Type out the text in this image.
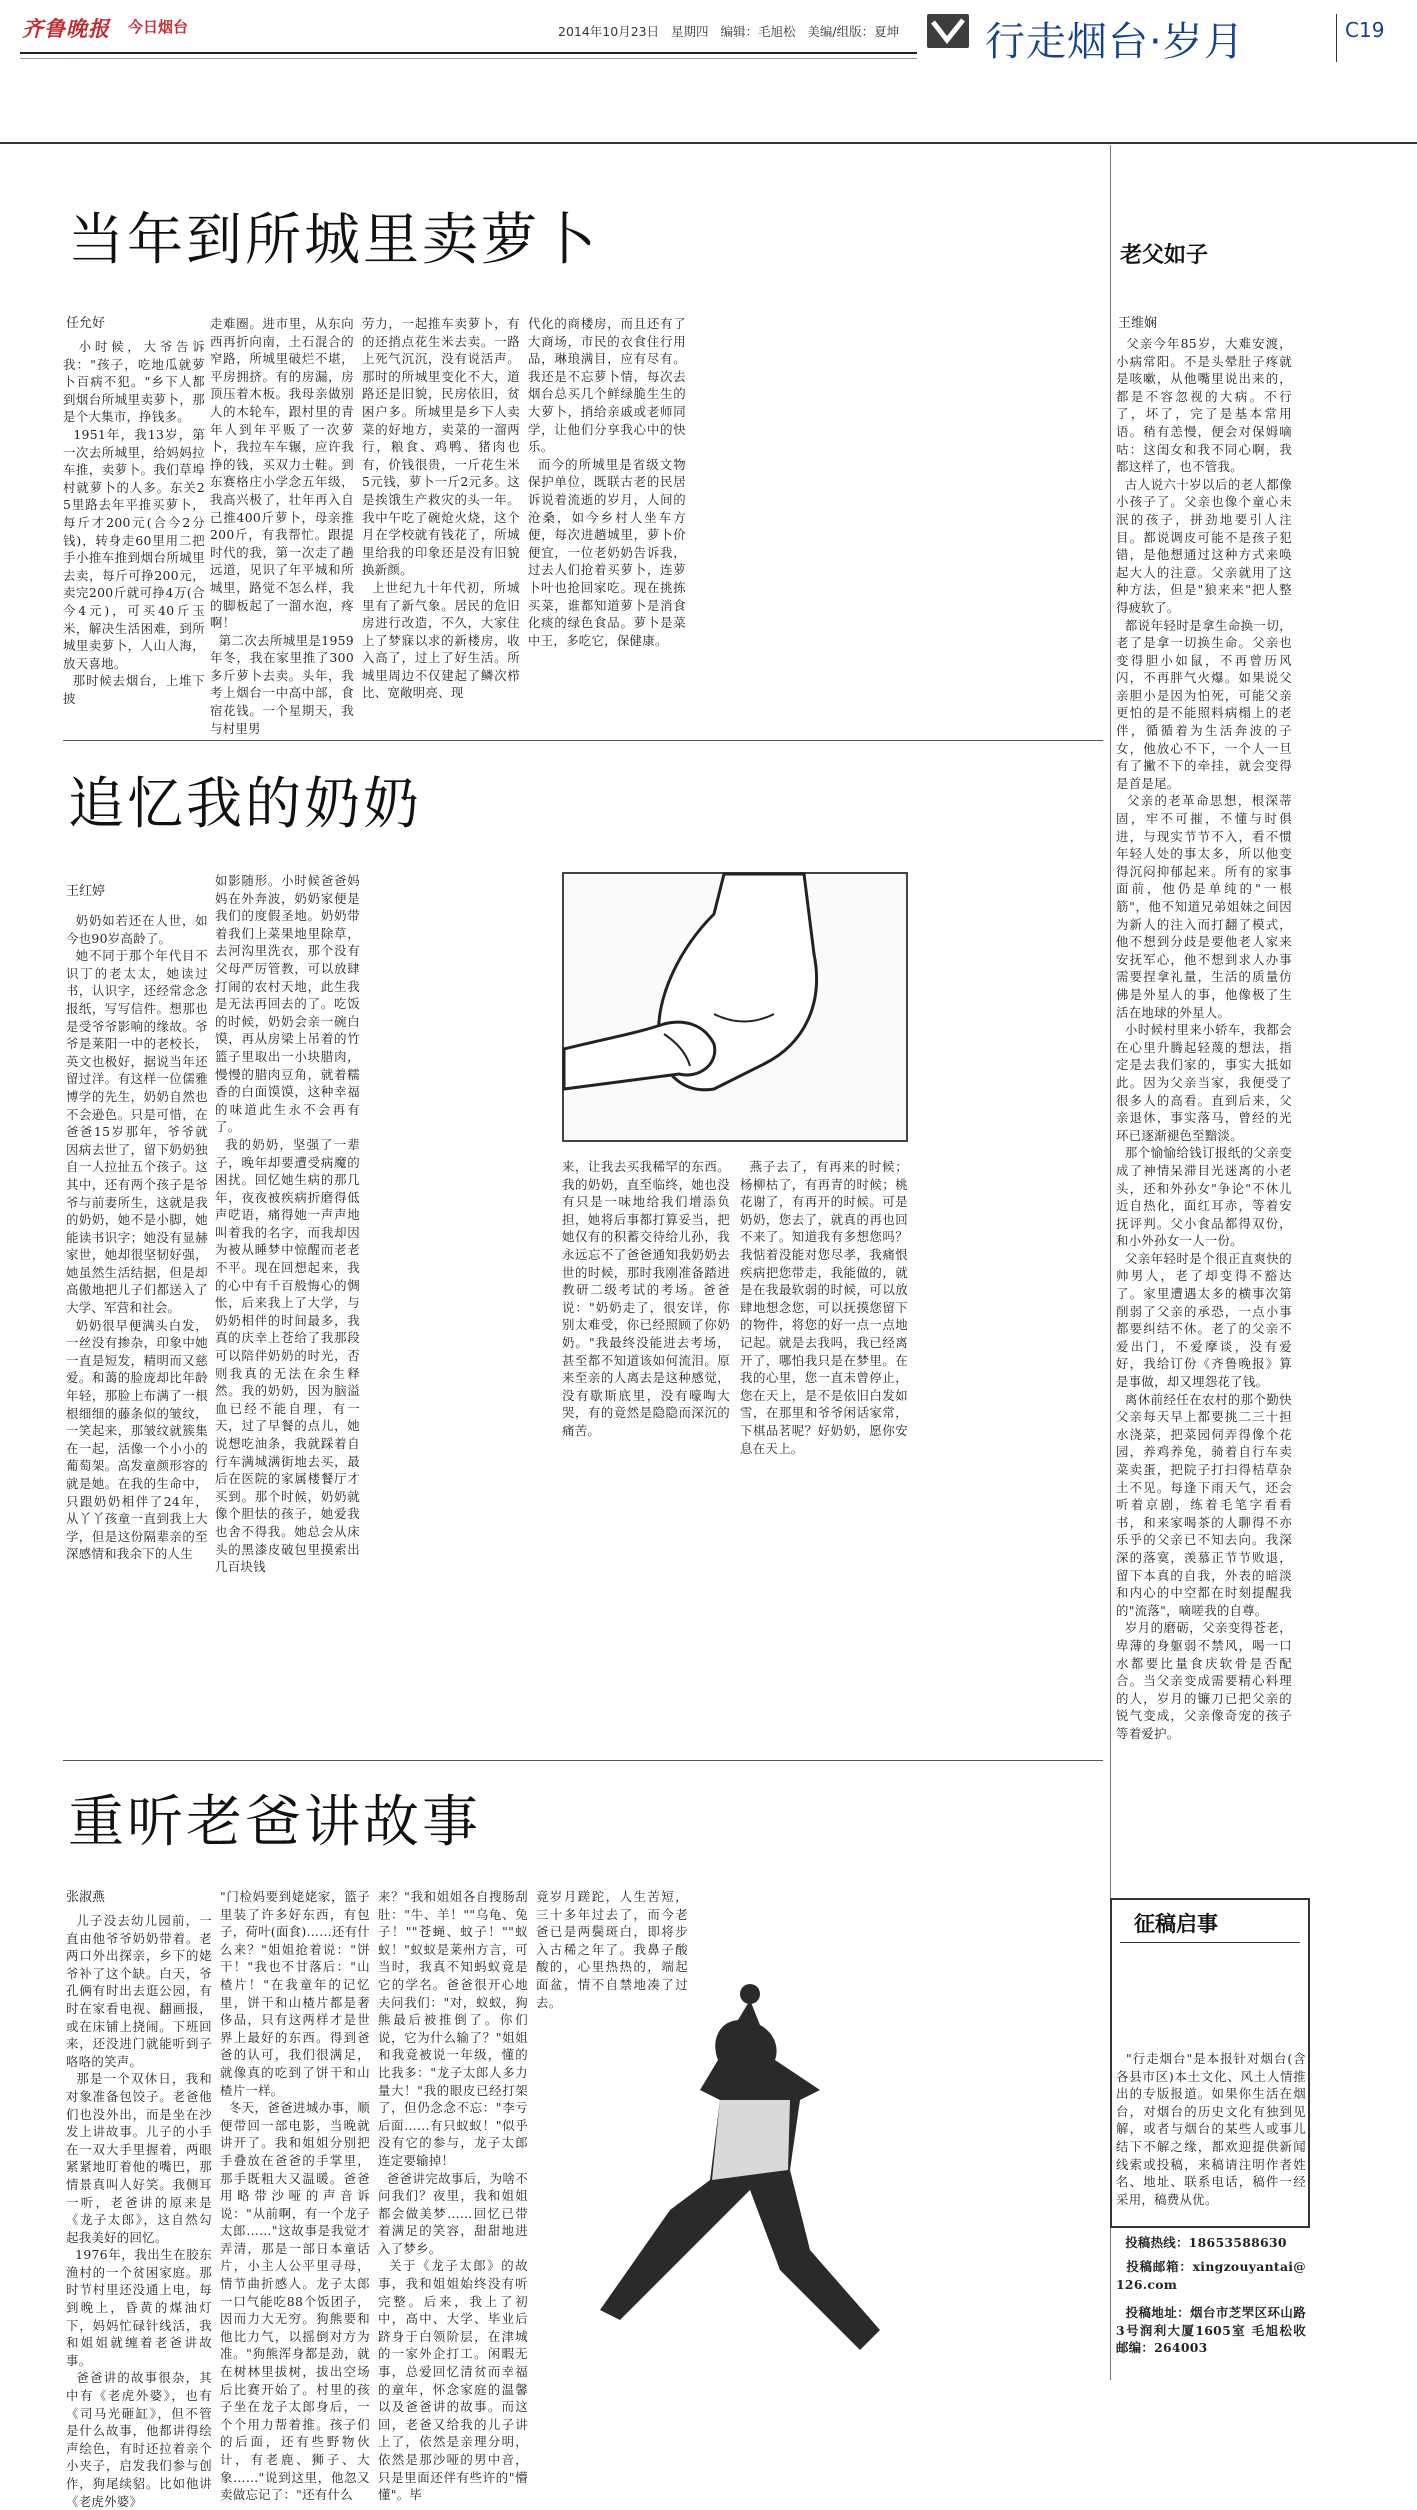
齐鲁晚报 今日烟台	2014年10月23日   星期四   编辑：毛旭松   美编/组版：夏坤 行走烟台·岁月	C19
当年到所城里卖萝卜
任允好
小时候，大爷告诉我："孩子，吃地瓜就萝卜百病不犯。"乡下人都到烟台所城里卖萝卜，那是个大集市，挣钱多。
1951年，我13岁，第一次去所城里，给妈妈拉车推，卖萝卜。我们草埠村就萝卜的人多。东关25里路去年平推买萝卜，每斤才200元(合今2分钱)，转身走60里用二把手小推车推到烟台所城里去卖，每斤可挣200元，卖完200斤就可挣4万(合今4元)，可买40斤玉米，解决生活困难，到所城里卖萝卜，人山人海，放天喜地。
那时候去烟台，上堆下披
走难圈。进市里，从东向西再折向南，土石混合的窄路，所城里破烂不堪，平房拥挤。有的房漏，房顶压着木板。我母亲做别人的木轮车，跟村里的青年人到年平贩了一次萝卜，我拉车车辗，应许我挣的钱，买双力士鞋。到东赛格庄小学念五年级，我高兴极了，壮年再入自己推400斤萝卜，母亲推200斤，有我帮忙。跟提时代的我，第一次走了趟远道，见识了年平城和所城里，路觉不怎么样，我的脚板起了一溜水泡，疼啊！
第二次去所城里是1959年冬，我在家里推了300多斤萝卜去卖。头年，我考上烟台一中高中部，食宿花钱。一个星期天，我与村里男
劳力，一起推车卖萝卜，有的还捎点花生米去卖。一路上死气沉沉，没有说活声。那时的所城里变化不大，道路还是旧貌，民房依旧，贫困户多。所城里是乡下人卖菜的好地方，卖菜的一溜两行，粮食、鸡鸭、猪肉也有，价钱很贵，一斤花生米5元钱，萝卜一斤2元多。这是挨饿生产救灾的头一年。我中午吃了碗炝火烧，这个月在学校就有钱花了，所城里给我的印象还是没有旧貌换新颜。
上世纪九十年代初，所城里有了新气象。居民的危旧房进行改造，不久，大家住上了梦寐以求的新楼房，收入高了，过上了好生活。所城里周边不仅建起了鳞次栉比、宽敞明亮、现
代化的商楼房，而且还有了大商场，市民的衣食住行用品，琳琅满目，应有尽有。我还是不忘萝卜情，每次去烟台总买几个鲜绿脆生生的大萝卜，捎给亲戚或老师同学，让他们分享我心中的快乐。
而今的所城里是省级文物保护单位，既联古老的民居诉说着流逝的岁月，人间的沧桑，如今乡村人坐车方便，每次进趟城里，萝卜价便宜，一位老奶奶告诉我，过去人们抢着买萝卜，连萝卜叶也抢回家吃。现在挑拣买菜，谁都知道萝卜是消食化痰的绿色食品。萝卜是菜中王，多吃它，保健康。
追忆我的奶奶
王红婷
奶奶如若还在人世，如今也90岁高龄了。
她不同于那个年代目不识丁的老太太，她读过书，认识字，还经常念念报纸，写写信件。想那也是受爷爷影响的缘故。爷爷是莱阳一中的老校长，英文也极好，据说当年还留过洋。有这样一位儒雅博学的先生，奶奶自然也不会逊色。只是可惜，在爸爸15岁那年，爷爷就因病去世了，留下奶奶独自一人拉扯五个孩子。这其中，还有两个孩子是爷爷与前妻所生，这就是我的奶奶，她不是小脚，她能读书识字；她没有显赫家世，她却很坚韧好强，她虽然生活结据，但是却高傲地把儿子们都送入了大学、军营和社会。
奶奶很早便满头白发，一丝没有掺杂，印象中她一直是短发，精明而又慈爱。和蔼的脸庞却比年龄年轻，那脸上布满了一根根细细的藤条似的皱纹，一笑起来，那皱纹就簇集在一起，活像一个小小的葡萄架。高发童颜形容的就是她。在我的生命中，只跟奶奶相伴了24年，从丫丫孩童一直到我上大学，但是这份隔辈亲的至深感情和我余下的人生
如影随形。小时候爸爸妈妈在外奔波，奶奶家便是我们的度假圣地。奶奶带着我们上菜果地里除草，去河沟里洗衣，那个没有父母严厉管教，可以放肆打闹的农村天地，此生我是无法再回去的了。吃饭的时候，奶奶会亲一碗白馍，再从房梁上吊着的竹篮子里取出一小块腊肉，慢慢的腊肉豆角，就着糯香的白面馍馍，这种幸福的味道此生永不会再有了。
我的奶奶，坚强了一辈子，晚年却要遭受病魔的困扰。回忆她生病的那几年，夜夜被疾病折磨得低声呓语，痛得她一声声地叫着我的名字，而我却因为被从睡梦中惊醒而老老不平。现在回想起来，我的心中有千百般悔心的惆怅，后来我上了大学，与奶奶相伴的时间最多，我真的庆幸上苍给了我那段可以陪伴奶奶的时光，否则我真的无法在余生释然。我的奶奶，因为脑溢血已经不能自理，有一天，过了早餐的点儿，她说想吃油条，我就踩着自行车满城满街地去买，最后在医院的家属楼餐厅才买到。那个时候，奶奶就像个胆怯的孩子，她爱我也舍不得我。她总会从床头的黑漆皮破包里摸索出几百块钱
来，让我去买我稀罕的东西。我的奶奶，直至临终，她也没有只是一味地给我们增添负担，她将后事都打算妥当，把她仅有的积蓄交待给儿孙，我永远忘不了爸爸通知我奶奶去世的时候，那时我刚准备踏进教研二级考试的考场。爸爸说："奶奶走了，很安详，你别太难受，你已经照顾了你奶奶。"我最终没能进去考场，甚至都不知道该如何流泪。原来至亲的人离去是这种感觉，没有歇斯底里，没有嚎啕大哭，有的竟然是隐隐而深沉的痛苦。
燕子去了，有再来的时候；杨柳枯了，有再青的时候；桃花谢了，有再开的时候。可是奶奶，您去了，就真的再也回不来了。知道我有多想您吗？我惦着没能对您尽孝，我痛恨疾病把您带走，我能做的，就是在我最软弱的时候，可以放肆地想念您，可以抚摸您留下的物件，将您的好一点一点地记起。就是去我吗，我已经离开了，哪怕我只是在梦里。在我的心里，您一直未曾停止，您在天上，是不是依旧白发如雪，在那里和爷爷闲话家常，下棋品茗呢？好奶奶，愿你安息在天上。
重听老爸讲故事
张淑燕
儿子没去幼儿园前，一直由他爷爷奶奶带着。老两口外出探亲，乡下的姥爷补了这个缺。白天，爷孔俩有时出去逛公园，有时在家看电视、翻画报，或在床铺上挠闹。下班回来，还没进门就能听到子咯咯的笑声。
那是一个双休日，我和对象准备包饺子。老爸他们也没外出，而是坐在沙发上讲故事。儿子的小手在一双大手里握着，两眼紧紧地盯着他的嘴巴，那情景真叫人好笑。我侧耳一听，老爸讲的原来是《龙子太郎》，这自然勾起我美好的回忆。
1976年，我出生在胶东渔村的一个贫困家庭。那时节村里还没通上电，每到晚上，昏黄的煤油灯下，妈妈忙碌针线活，我和姐姐就缠着老爸讲故事。
爸爸讲的故事很杂，其中有《老虎外婆》，也有《司马光砸缸》，但不管是什么故事，他都讲得绘声绘色，有时还拉着亲个小夹子，启发我们参与创作，狗尾续貂。比如他讲《老虎外婆》
"门检妈要到姥姥家，篮子里装了许多好东西，有包子，荷叶(面食)……还有什么来？"姐姐抢着说："饼干！"我也不甘落后："山楂片！"在我童年的记忆里，饼干和山楂片都是奢侈品，只有这两样才是世界上最好的东西。得到爸爸的认可，我们很满足，就像真的吃到了饼干和山楂片一样。
冬天，爸爸进城办事，顺便带回一部电影，当晚就讲开了。我和姐姐分别把手叠放在爸爸的手掌里，那手既粗大又温暖。爸爸用略带沙哑的声音诉说："从前啊，有一个龙子太郎……"这故事是我觉才弄清，那是一部日本童话片，小主人公平里寻母，情节曲折感人。龙子太郎一口气能吃88个饭团子，因而力大无穷。狗熊要和他比力气，以摇倒对方为准。"狗熊浑身都是劲，就在树林里拔树，拔出空场后比赛开始了。村里的孩子坐在龙子太郎身后，一个个用力帮着推。孩子们的后面，还有些野物伙计，有老鹿、狮子、大象……"说到这里，他忽又卖做忘记了："还有什么
来？"我和姐姐各自搜肠刮肚："牛、羊！""乌龟、兔子！""苍蝇、蚊子！""蚁蚁！"蚁蚁是莱州方言，可当时，我真不知蚂蚁竟是它的学名。爸爸很开心地夫问我们："对，蚁蚁，狗熊最后被推倒了。你们说，它为什么输了？"姐姐和我竟被说一年级，懂的比我多："龙子太郎人多力量大！"我的眼皮已经打架了，但仍念念不忘："李亏后面……有只蚁蚁！"似乎没有它的参与，龙子太郎连定要输掉！
爸爸讲完故事后，为啥不问我们？夜里，我和姐姐都会做美梦……回忆已带着满足的笑容，甜甜地进入了梦乡。
关于《龙子太郎》的故事，我和姐姐始终没有听完整。后来，我上了初中，高中、大学、毕业后跻身于白领阶层，在津城的一家外企打工。闲暇无事，总爱回忆清贫而幸福的童年，怀念家庭的温馨以及爸爸讲的故事。而这回，老爸又给我的儿子讲上了，依然是亲理分明，依然是那沙哑的男中音，只是里面还伴有些许的"懵懂"。毕
竟岁月蹉跎，人生苦短，三十多年过去了，而今老爸已是两鬓斑白，即将步入古稀之年了。我鼻子酸酸的，心里热热的，端起面盆，情不自禁地凑了过去。
老父如子
王维娴
父亲今年85岁，大难安渡，小病常阳。不是头晕肚子疼就是咳嗽，从他嘴里说出来的，都是不容忽视的大病。不行了，坏了，完了是基本常用语。稍有恙慢，便会对保姆嘀咕：这闺女和我不同心啊，我都这样了，也不管我。
古人说六十岁以后的老人都像小孩子了。父亲也像个童心未泯的孩子，拼劲地要引人注目。都说调皮可能不是孩子犯错，是他想通过这种方式来唤起大人的注意。父亲就用了这种方法，但是"狼来来"把人整得疲软了。
都说年轻时是拿生命换一切，老了是拿一切换生命。父亲也变得胆小如鼠，不再曾历风闪，不再胖气火爆。如果说父亲胆小是因为怕死，可能父亲更怕的是不能照料病榻上的老伴，循循着为生活奔波的子女，他放心不下，一个人一旦有了撇不下的牵挂，就会变得是首是尾。
父亲的老革命思想，根深蒂固，牢不可摧，不懂与时俱进，与现实节节不入，看不惯年轻人处的事太多，所以他变得沉闷抑郁起来。所有的家事面前，他仍是单纯的"一根筋"，他不知道兄弟姐妹之间因为新人的注入而打翻了模式，他不想到分歧是要他老人家来安抚军心，他不想到求人办事需要捏拿礼量，生活的质量仿佛是外星人的事，他像极了生活在地球的外星人。
小时候村里来小轿车，我都会在心里升腾起轻蔑的想法，指定是去我们家的，事实大抵如此。因为父亲当家，我便受了很多人的高看。直到后来，父亲退休，事实落马，曾经的光环已逐渐褪色至黯淡。
那个愉愉给钱订报纸的父亲变成了神情呆滞目光迷离的小老头，还和外孙女"争论"不休儿近自热化，面红耳赤，等着安抚评判。父小食品都得双份，和小外孙女一人一份。
父亲年轻时是个很正直爽快的帅男人，老了却变得不豁达了。家里遭遇太多的横事次第削弱了父亲的承恐，一点小事都要纠结不休。老了的父亲不爱出门，不爱摩谈，没有爱好，我给订份《齐鲁晚报》算是事做，却又埋怨花了钱。
离休前经任在农村的那个勤快父亲每天早上都要挑二三十担水浇菜，把菜园伺弄得像个花园，养鸡养兔，骑着自行车卖菜卖蛋，把院子打扫得桔草杂土不见。每逢下雨天气，还会听着京剧，练着毛笔字看看书，和来家喝茶的人聊得不亦乐乎的父亲已不知去向。我深深的落寞，羡慕正节节败退，留下本真的自我，外表的暗淡和内心的中空都在时刻提醒我的"流落"，嘀嗟我的自尊。
岁月的磨砺，父亲变得苍老，卑薄的身躯弱不禁风，喝一口水都要比量食庆软骨是否配合。当父亲变成需要精心料理的人，岁月的镰刀已把父亲的锐气变成，父亲像奇宠的孩子等着爱护。
征稿启事
"行走烟台"是本报针对烟台(含各县市区)本土文化、风土人情推出的专版报道。如果你生活在烟台，对烟台的历史文化有独到见解，或者与烟台的某些人或事儿结下不解之缘，都欢迎提供新闻线索或投稿，来稿请注明作者姓名、地址、联系电话，稿件一经采用，稿费从优。
投稿热线：18653588630
投稿邮箱：xingzouyantai@126.com
投稿地址：烟台市芝罘区环山路3号润利大厦1605室 毛旭松收 邮编：264003
